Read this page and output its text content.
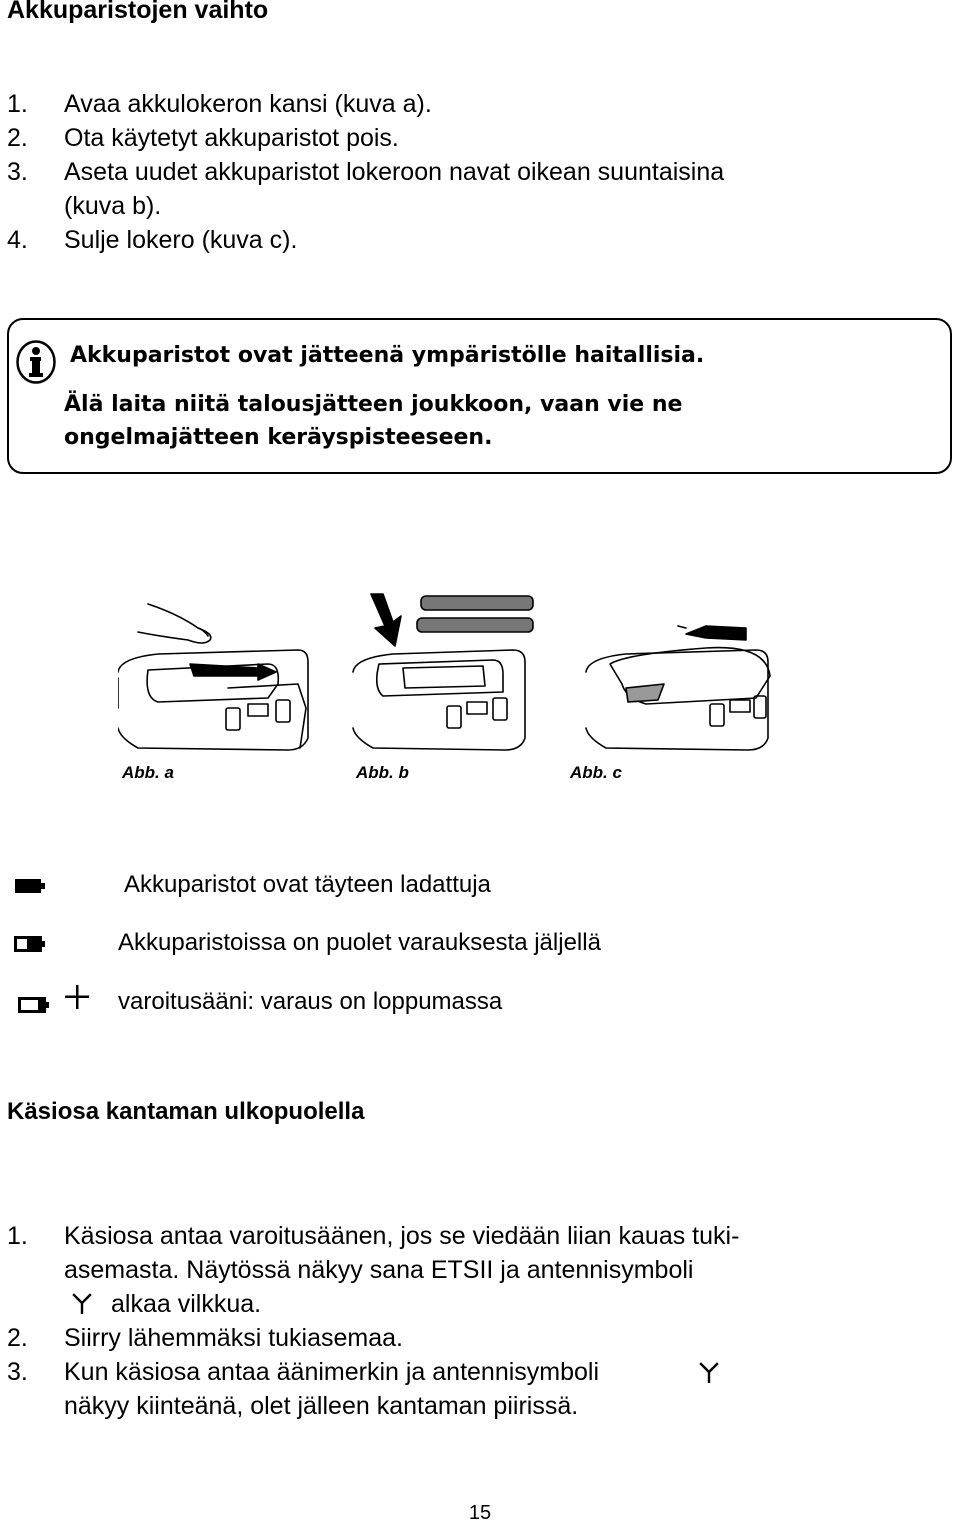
Akkuparistojen vaihto
1. Avaa akkulokeron kansi (kuva a).
2. Ota käytetyt akkuparistot pois.
3. Aseta uudet akkuparistot lokeroon navat oikean suuntaisina
(kuva b).
4. Sulje lokero (kuva c).
Akkuparistot ovat jätteenä ympäristölle haitallisia.
Älä laita niitä talousjätteen joukkoon, vaan vie ne
ongelmajätteen keräyspisteeseen.
Abb. a	Abb. b	Abb. c
Akkuparistot ovat täyteen ladattuja
Akkuparistoissa on puolet varauksesta jäljellä
varoitusääni: varaus on loppumassa
Käsiosa kantaman ulkopuolella
1. Käsiosa antaa varoitusäänen, jos se viedään liian kauas tuki-
asemasta. Näytössä näkyy sana ETSII ja antennisymboli
alkaa vilkkua.
2. Siirry lähemmäksi tukiasemaa.
3. Kun käsiosa antaa äänimerkin ja antennisymboli
näkyy kiinteänä, olet jälleen kantaman piirissä.
15
